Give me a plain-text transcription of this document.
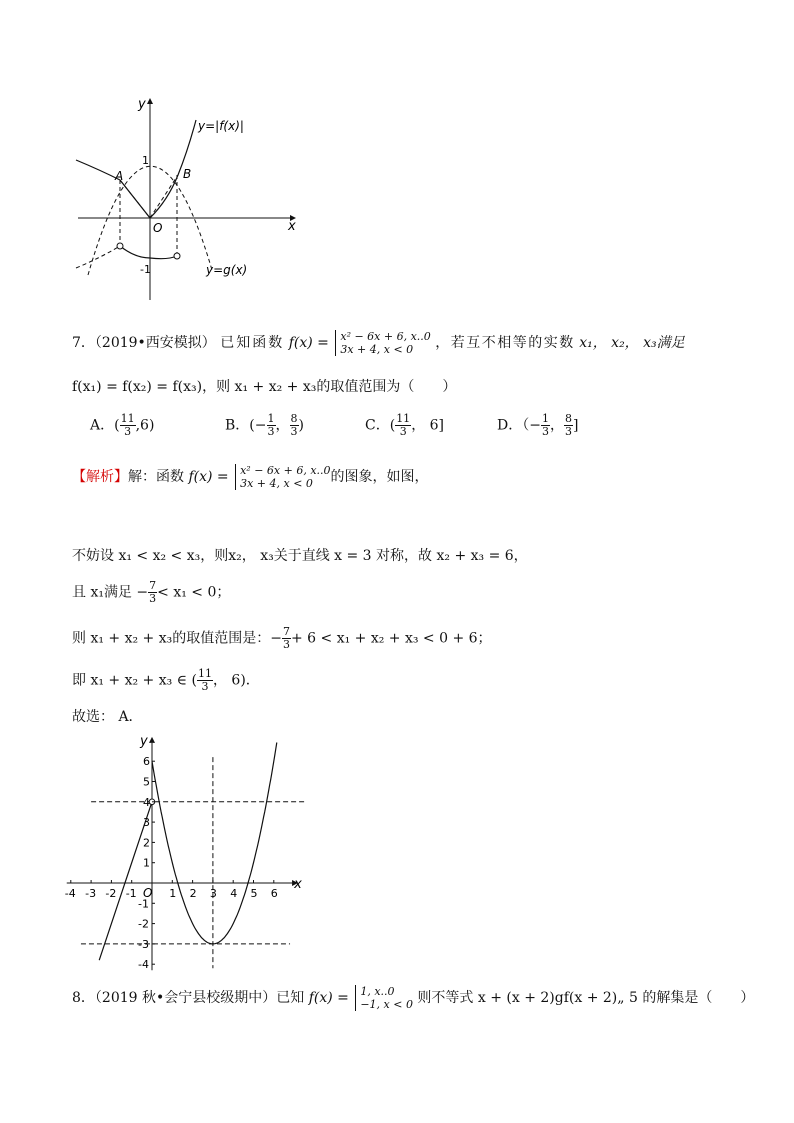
y
x
1
-1
O
A	B
y=|f(x)|
y=g(x)
7．（2019•西安模拟） 已知函数 f(x) = x² − 6x + 6, x..0
3x + 4, x < 0 ，若互不相等的实数 x₁， x₂， x₃满足
f(x₁) = f(x₂) = f(x₃)，则 x₁ + x₂ + x₃的取值范围为（　　）
A．( $\frac{11}{3} ,6$)	B．(− $\frac{1}{3}$ ， $\frac{8}{3}$ )	C．( $\frac{11}{3}$ ， 6]	D．（− $\frac{1}{3}$ ， $\frac{8}{3}$ ]
【解析】解：函数 f(x) = x² − 6x + 6, x..0
3x + 4, x < 0 的图象，如图，
不妨设 x₁ < x₂ < x₃，则x₂， x₃关于直线 x = 3 对称，故 x₂ + x₃ = 6，
且 x₁满足 − $\frac{7}{3} < x_1 < 0$；
则 x₁ + x₂ + x₃的取值范围是：− $\frac{7}{3} + 6 < x_1 + x_2 + x_3 < 0 + 6$；
即 x₁ + x₂ + x₃ ∈ ( $\frac{11}{3}$ ， 6)．
故选： A．
-4 -3 -2 -1	1 2 3 4 5 6
6
5
4
3
2
1
-1
-2
-3
-4
x
y
O
8．（2019 秋•会宁县校级期中）已知 f(x) = 1, x..0
−1, x < 0 则不等式 x + (x + 2)gf(x + 2)„ 5 的解集是（　　）
